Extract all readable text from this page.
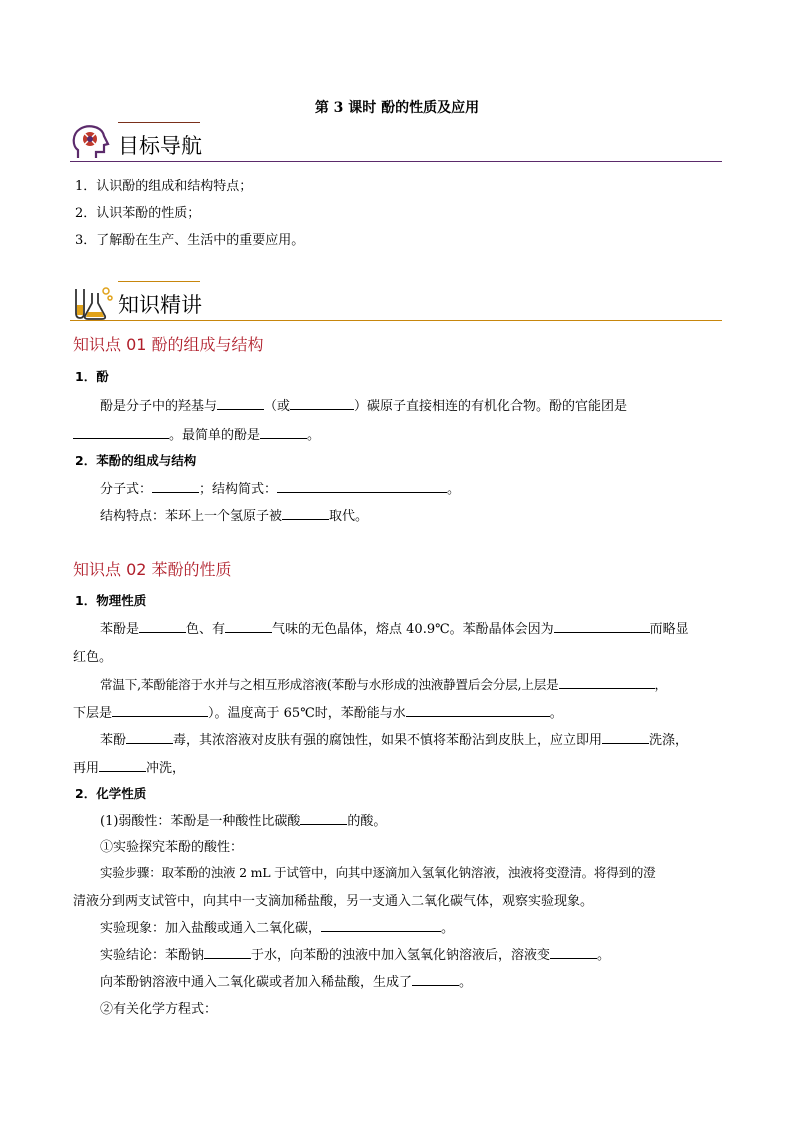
第 3 课时 酚的性质及应用
目标导航
1．认识酚的组成和结构特点；
2．认识苯酚的性质；
3．了解酚在生产、生活中的重要应用。
知识精讲
知识点 01 酚的组成与结构
1．酚
酚是分子中的羟基与	（或	）碳原子直接相连的有机化合物。酚的官能团是
。最简单的酚是	。
2．苯酚的组成与结构
分子式：	；结构简式：	。
结构特点：苯环上一个氢原子被	取代。
知识点 02 苯酚的性质
1．物理性质
苯酚是	色、有	气味的无色晶体，熔点 40.9℃。苯酚晶体会因为	而略显
红色。
常温下,苯酚能溶于水并与之相互形成溶液(苯酚与水形成的浊液静置后会分层,上层是	，
下层是	）。温度高于 65℃时，苯酚能与水	。
苯酚	毒，其浓溶液对皮肤有强的腐蚀性，如果不慎将苯酚沾到皮肤上，应立即用	洗涤，
再用	冲洗，
2．化学性质
(1)弱酸性：苯酚是一种酸性比碳酸	的酸。
①实验探究苯酚的酸性：
实验步骤：取苯酚的浊液 2 mL 于试管中，向其中逐滴加入氢氧化钠溶液，浊液将变澄清。将得到的澄
清液分到两支试管中，向其中一支滴加稀盐酸，另一支通入二氧化碳气体，观察实验现象。
实验现象：加入盐酸或通入二氧化碳，	。
实验结论：苯酚钠	于水，向苯酚的浊液中加入氢氧化钠溶液后，溶液变	。
向苯酚钠溶液中通入二氧化碳或者加入稀盐酸，生成了	。
②有关化学方程式：
